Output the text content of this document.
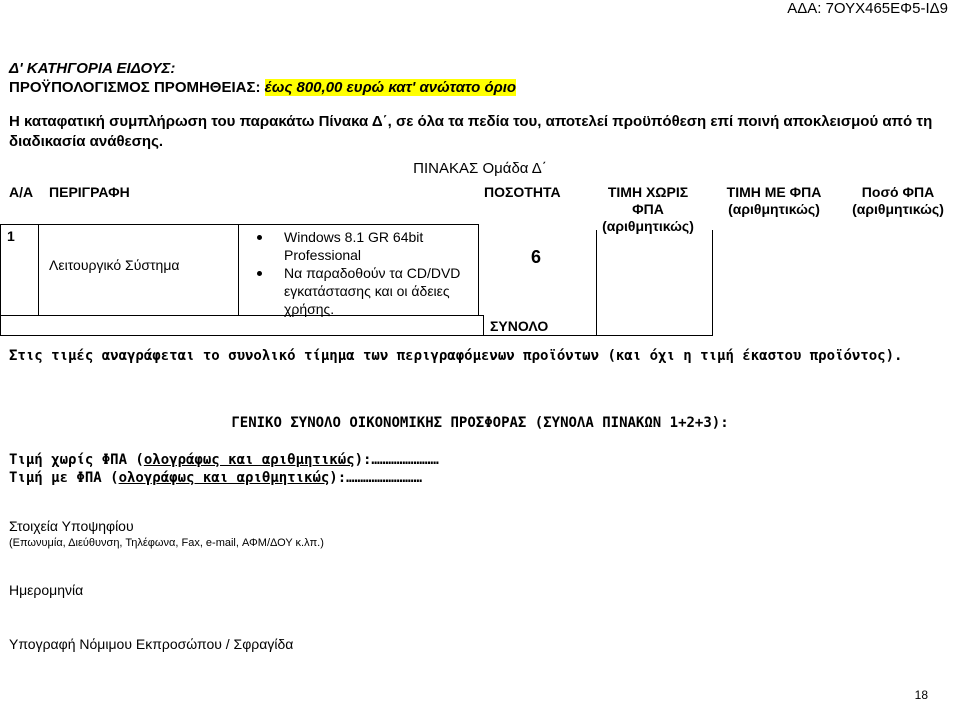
ΑΔΑ: 7ΟΥΧ465ΕΦ5-ΙΔ9
Δ' ΚΑΤΗΓΟΡΙΑ ΕΙΔΟΥΣ:
ΠΡΟΫΠΟΛΟΓΙΣΜΟΣ ΠΡΟΜΗΘΕΙΑΣ: έως 800,00 ευρώ κατ' ανώτατο όριο
Η καταφατική συμπλήρωση του παρακάτω Πίνακα Δ΄, σε όλα τα πεδία του, αποτελεί προϋπόθεση επί ποινή αποκλεισμού από τη διαδικασία ανάθεσης.
ΠΙΝΑΚΑΣ Ομάδα Δ΄
Α/Α ΠΕΡΙΓΡΑΦΗ	ΠΟΣΟΤΗΤΑ	ΤΙΜΗ ΧΩΡΙΣ
ΦΠΑ
(αριθμητικώς)
ΤΙΜΗ ΜΕ ΦΠΑ
(αριθμητικώς)
Ποσό ΦΠΑ
(αριθμητικώς)
1
Λειτουργικό Σύστημα
Windows 8.1 GR 64bit
Professional
Να παραδοθούν τα CD/DVD
εγκατάστασης και οι άδειες
χρήσης.
6
ΣΥΝΟΛΟ
Στις τιμές αναγράφεται το συνολικό τίμημα των περιγραφόμενων προϊόντων (και όχι η τιμή έκαστου προϊόντος).
ΓΕΝΙΚΟ ΣΥΝΟΛΟ ΟΙΚΟΝΟΜΙΚΗΣ ΠΡΟΣΦΟΡΑΣ (ΣΥΝΟΛΑ ΠΙΝΑΚΩΝ 1+2+3):
Τιμή χωρίς ΦΠΑ (ολογράφως και αριθμητικώς):……………………
Τιμή με ΦΠΑ (ολογράφως και αριθμητικώς):………………………
Στοιχεία Υποψηφίου
(Επωνυμία, Διεύθυνση, Τηλέφωνα, Fax, e-mail, ΑΦΜ/ΔΟΥ κ.λπ.)
Ημερομηνία
Υπογραφή Νόμιμου Εκπροσώπου / Σφραγίδα
18
